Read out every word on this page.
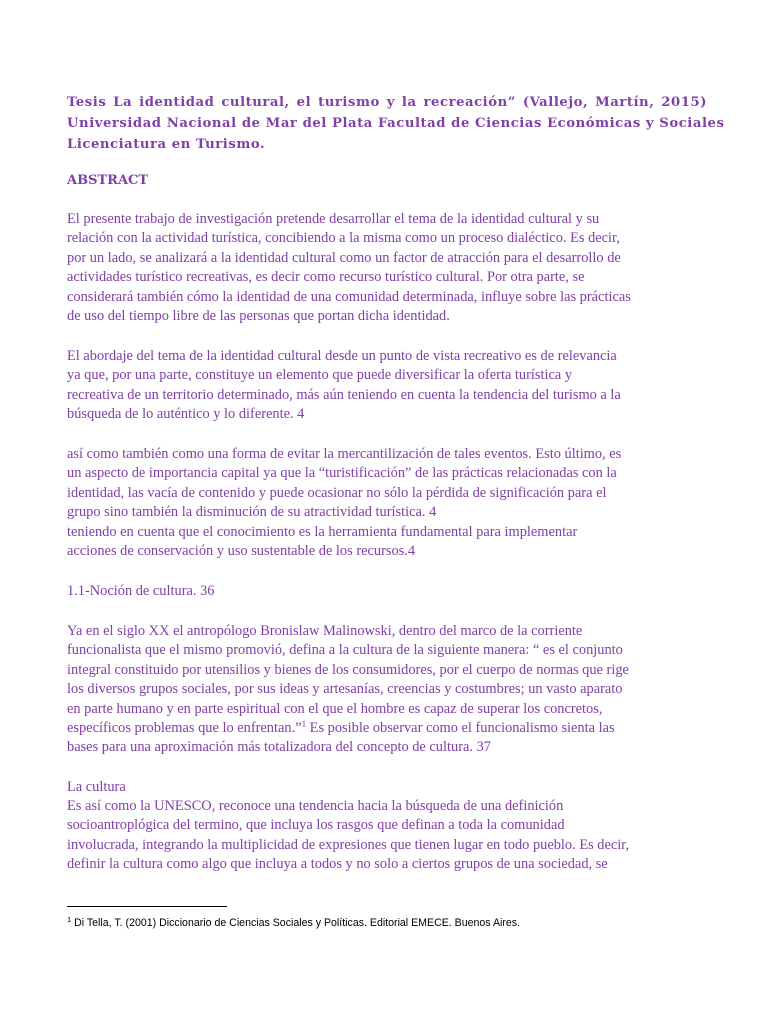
Tesis La identidad cultural, el turismo y la recreación” (Vallejo, Martín, 2015)
Universidad Nacional de Mar del Plata Facultad de Ciencias Económicas y Sociales
Licenciatura en Turismo.
ABSTRACT
El presente trabajo de investigación pretende desarrollar el tema de la identidad cultural y su
relación con la actividad turística, concibiendo a la misma como un proceso dialéctico. Es decir,
por un lado, se analizará a la identidad cultural como un factor de atracción para el desarrollo de
actividades turístico recreativas, es decir como recurso turístico cultural. Por otra parte, se
considerará también cómo la identidad de una comunidad determinada, influye sobre las prácticas
de uso del tiempo libre de las personas que portan dicha identidad.
El abordaje del tema de la identidad cultural desde un punto de vista recreativo es de relevancia
ya que, por una parte, constituye un elemento que puede diversificar la oferta turística y
recreativa de un territorio determinado, más aún teniendo en cuenta la tendencia del turismo a la
búsqueda de lo auténtico y lo diferente. 4
así como también como una forma de evitar la mercantilización de tales eventos. Esto último, es
un aspecto de importancia capital ya que la “turistificación” de las prácticas relacionadas con la
identidad, las vacía de contenido y puede ocasionar no sólo la pérdida de significación para el
grupo sino también la disminución de su atractividad turística. 4
teniendo en cuenta que el conocimiento es la herramienta fundamental para implementar
acciones de conservación y uso sustentable de los recursos.4
1.1-Noción de cultura. 36
Ya en el siglo XX el antropólogo Bronislaw Malinowski, dentro del marco de la corriente
funcionalista que el mismo promovió, defina a la cultura de la siguiente manera: “ es el conjunto
integral constituido por utensilios y bienes de los consumidores, por el cuerpo de normas que rige
los diversos grupos sociales, por sus ideas y artesanías, creencias y costumbres; un vasto aparato
en parte humano y en parte espiritual con el que el hombre es capaz de superar los concretos,
específicos problemas que lo enfrentan.”$^1$ Es posible observar como el funcionalismo sienta las
bases para una aproximación más totalizadora del concepto de cultura. 37
La cultura
Es así como la UNESCO, reconoce una tendencia hacia la búsqueda de una definición
socioantroplógica del termino, que incluya los rasgos que definan a toda la comunidad
involucrada, integrando la multiplicidad de expresiones que tienen lugar en todo pueblo. Es decir,
definir la cultura como algo que incluya a todos y no solo a ciertos grupos de una sociedad, se
$^1$ Di Tella, T. (2001) Diccionario de Ciencias Sociales y Políticas. Editorial EMECE. Buenos Aires.
